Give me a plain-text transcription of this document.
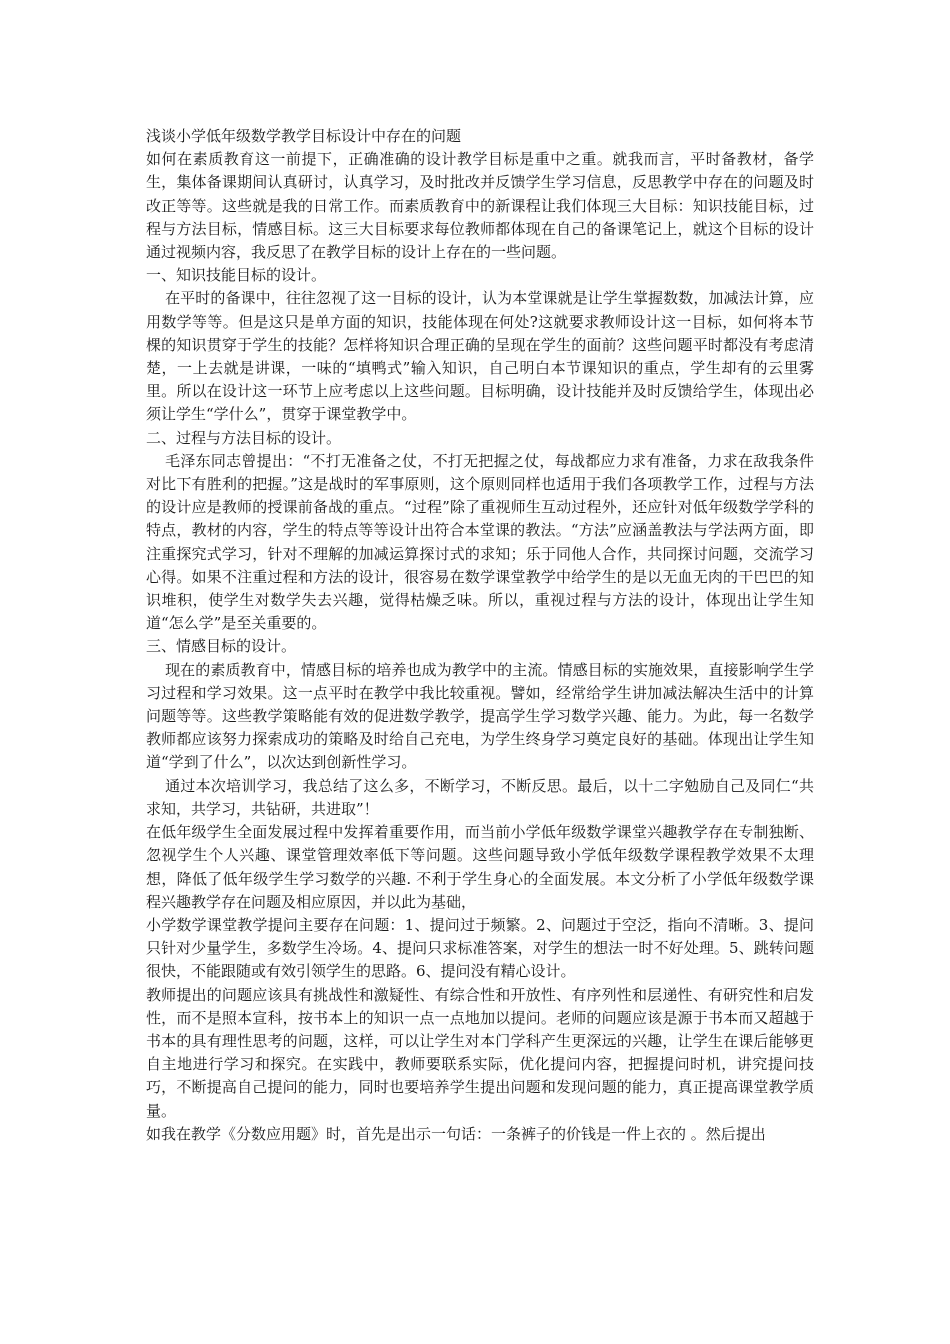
浅谈小学低年级数学教学目标设计中存在的问题

如何在素质教育这一前提下，正确准确的设计教学目标是重中之重。就我而言，平时备教材，备学生，集体备课期间认真研讨，认真学习，及时批改并反馈学生学习信息，反思教学中存在的问题及时改正等等。这些就是我的日常工作。而素质教育中的新课程让我们体现三大目标：知识技能目标，过程与方法目标，情感目标。这三大目标要求每位教师都体现在自己的备课笔记上，就这个目标的设计通过视频内容，我反思了在教学目标的设计上存在的一些问题。

一、知识技能目标的设计。

在平时的备课中，往往忽视了这一目标的设计，认为本堂课就是让学生掌握数数，加减法计算，应用数学等等。但是这只是单方面的知识，技能体现在何处?这就要求教师设计这一目标，如何将本节棵的知识贯穿于学生的技能？怎样将知识合理正确的呈现在学生的面前？这些问题平时都没有考虑清楚，一上去就是讲课，一味的“填鸭式”输入知识，自己明白本节课知识的重点，学生却有的云里雾里。所以在设计这一环节上应考虑以上这些问题。目标明确，设计技能并及时反馈给学生，体现出必须让学生“学什么”，贯穿于课堂教学中。

二、过程与方法目标的设计。

毛泽东同志曾提出：“不打无准备之仗，不打无把握之仗，每战都应力求有准备，力求在敌我条件对比下有胜利的把握。”这是战时的军事原则，这个原则同样也适用于我们各项教学工作，过程与方法的设计应是教师的授课前备战的重点。“过程”除了重视师生互动过程外，还应针对低年级数学学科的特点，教材的内容，学生的特点等等设计出符合本堂课的教法。“方法”应涵盖教法与学法两方面，即注重探究式学习，针对不理解的加减运算探讨式的求知；乐于同他人合作，共同探讨问题，交流学习心得。如果不注重过程和方法的设计，很容易在数学课堂教学中给学生的是以无血无肉的干巴巴的知识堆积，使学生对数学失去兴趣，觉得枯燥乏味。所以，重视过程与方法的设计，体现出让学生知道“怎么学”是至关重要的。

三、情感目标的设计。

现在的素质教育中，情感目标的培养也成为教学中的主流。情感目标的实施效果，直接影响学生学习过程和学习效果。这一点平时在教学中我比较重视。譬如，经常给学生讲加减法解决生活中的计算问题等等。这些教学策略能有效的促进数学教学，提高学生学习数学兴趣、能力。为此，每一名数学教师都应该努力探索成功的策略及时给自己充电，为学生终身学习奠定良好的基础。体现出让学生知道“学到了什么”，以次达到创新性学习。

通过本次培训学习，我总结了这么多，不断学习，不断反思。最后，以十二字勉励自己及同仁“共求知，共学习，共钻研，共进取”！

在低年级学生全面发展过程中发挥着重要作用，而当前小学低年级数学课堂兴趣教学存在专制独断、忽视学生个人兴趣、课堂管理效率低下等问题。这些问题导致小学低年级数学课程教学效果不太理想，降低了低年级学生学习数学的兴趣. 不利于学生身心的全面发展。本文分析了小学低年级数学课程兴趣教学存在问题及相应原因，并以此为基础，

小学数学课堂教学提问主要存在问题：1、提问过于频繁。2、问题过于空泛，指向不清晰。3、提问只针对少量学生，多数学生冷场。4、提问只求标准答案，对学生的想法一时不好处理。5、跳转问题很快，不能跟随或有效引领学生的思路。6、提问没有精心设计。

教师提出的问题应该具有挑战性和激疑性、有综合性和开放性、有序列性和层递性、有研究性和启发性，而不是照本宣科，按书本上的知识一点一点地加以提问。老师的问题应该是源于书本而又超越于书本的具有理性思考的问题，这样，可以让学生对本门学科产生更深远的兴趣，让学生在课后能够更自主地进行学习和探究。在实践中，教师要联系实际，优化提问内容，把握提问时机，讲究提问技巧，不断提高自己提问的能力，同时也要培养学生提出问题和发现问题的能力，真正提高课堂教学质量。

如我在教学《分数应用题》时，首先是出示一句话：一条裤子的价钱是一件上衣的 。然后提出
